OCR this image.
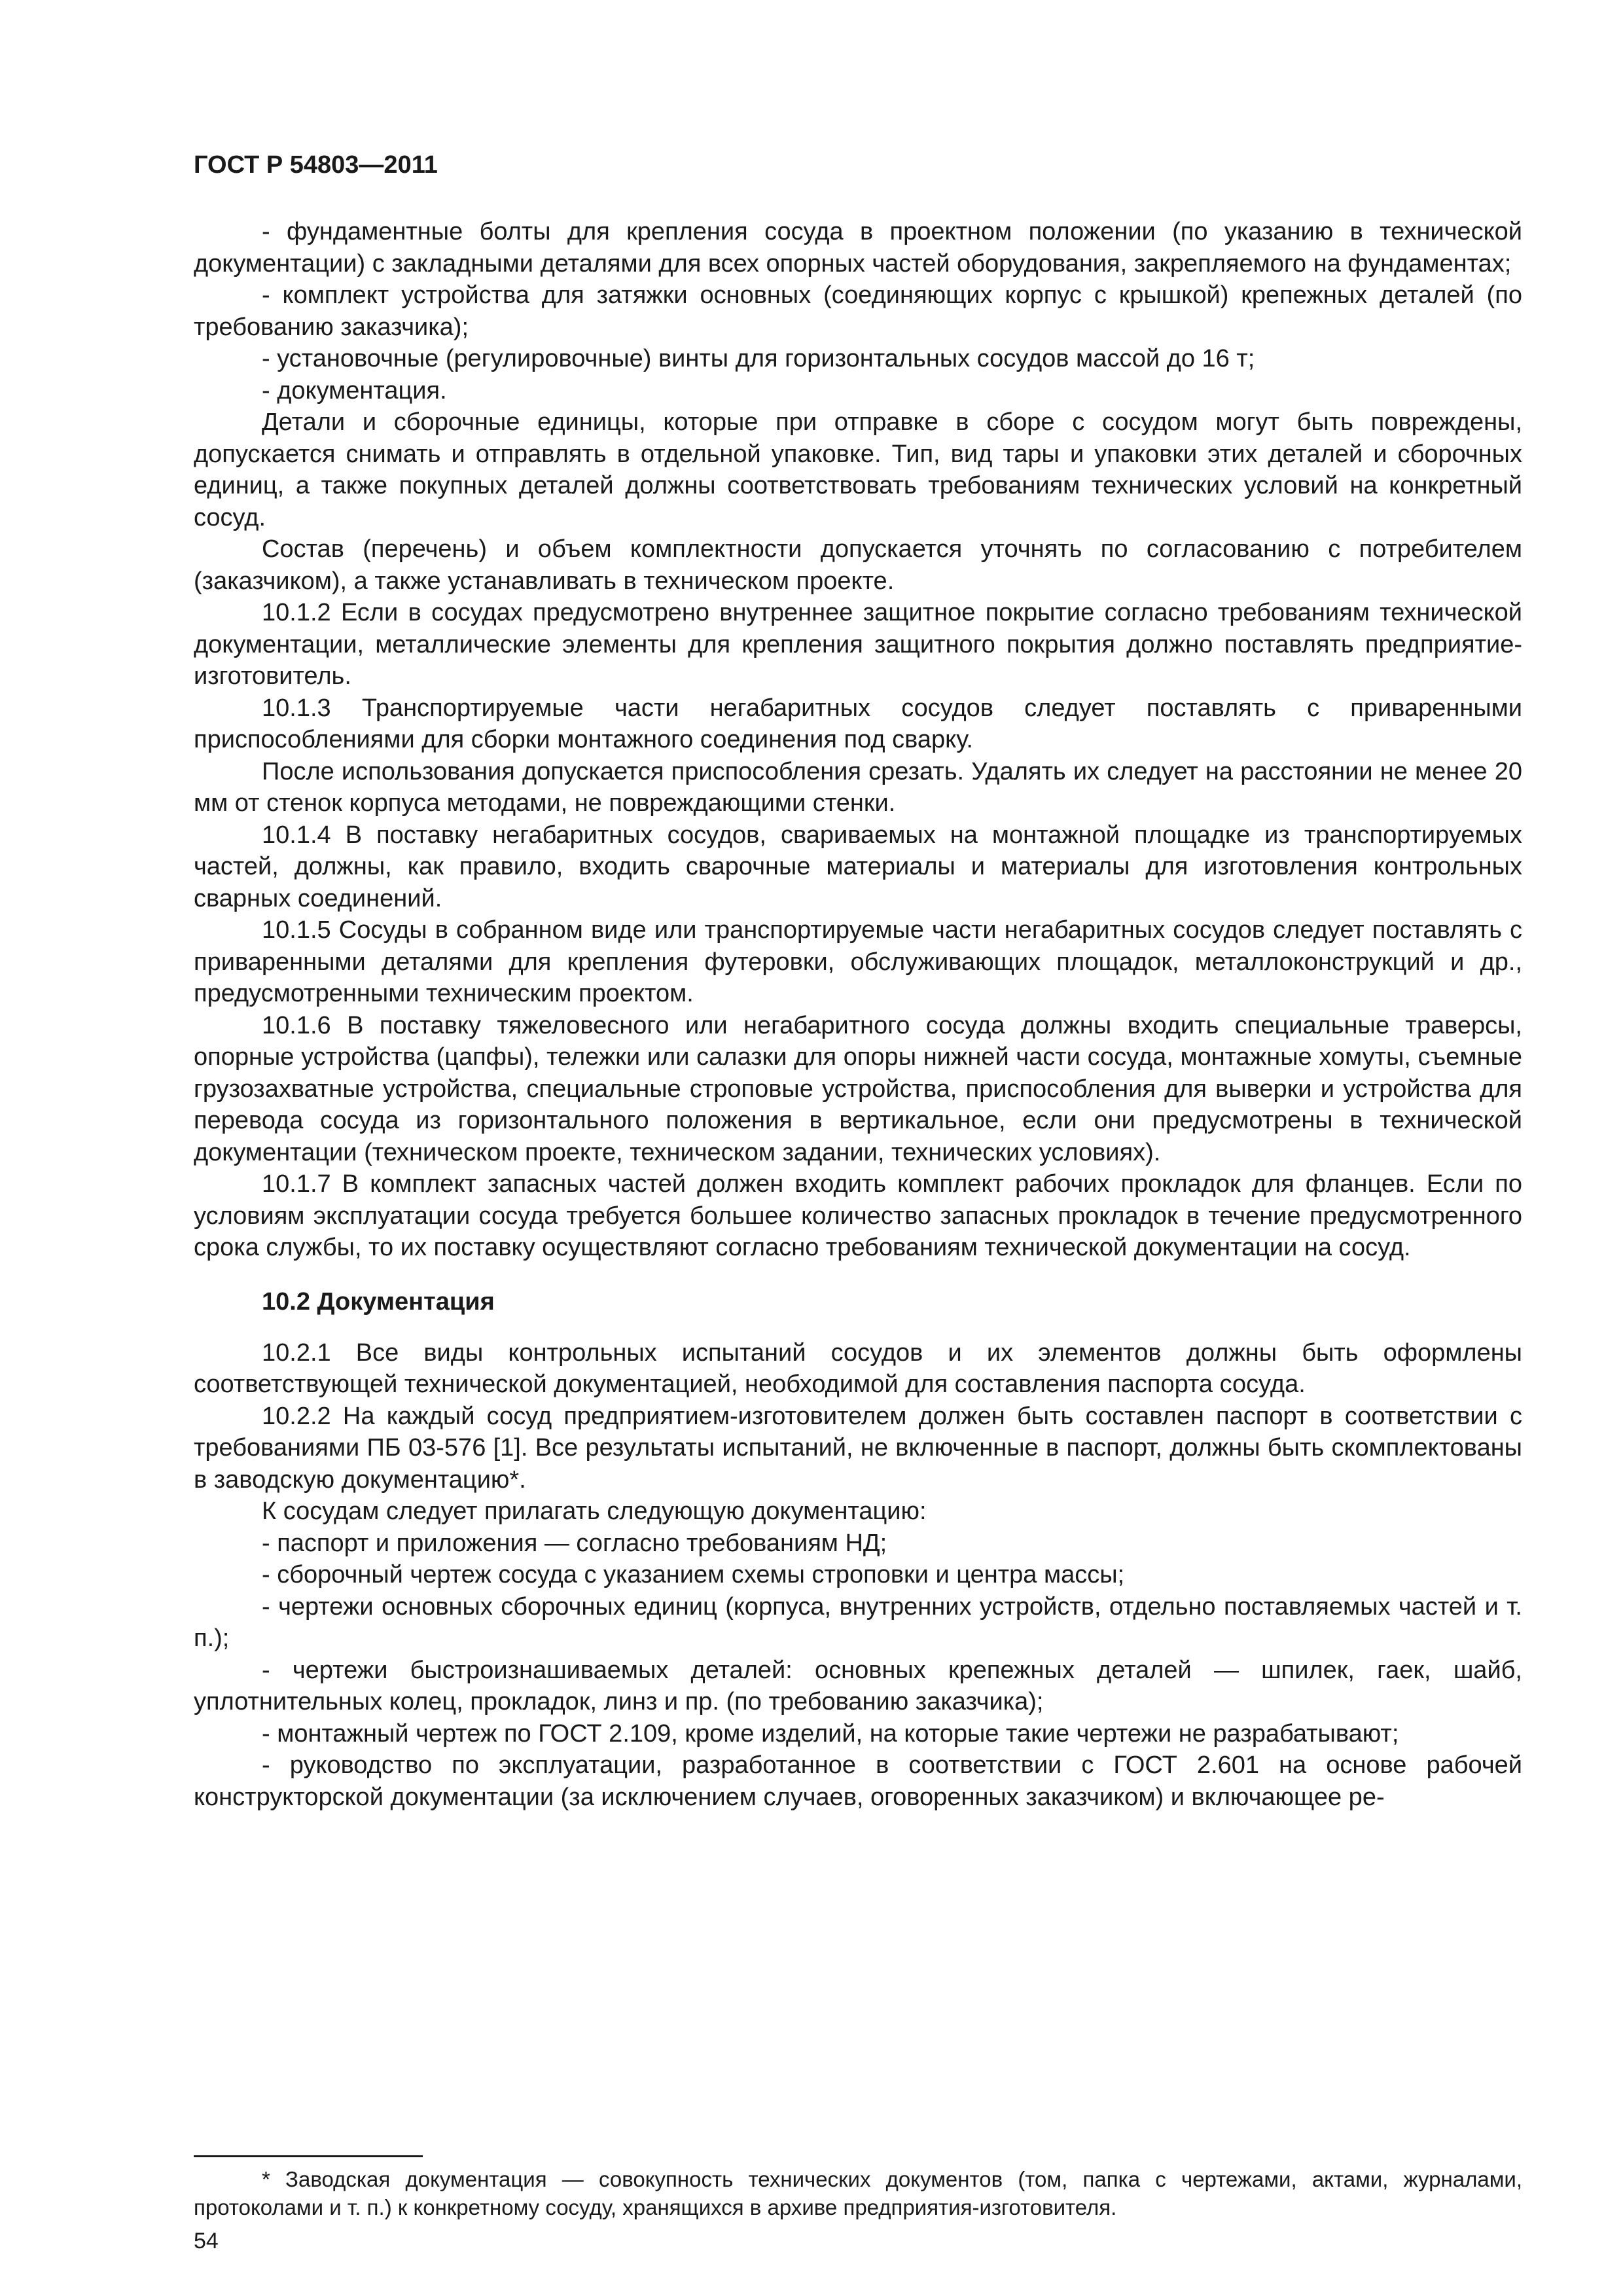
ГОСТ Р 54803—2011

- фундаментные болты для крепления сосуда в проектном положении (по указанию в технической документации) с закладными деталями для всех опорных частей оборудования, закрепляемого на фундаментах;

- комплект устройства для затяжки основных (соединяющих корпус с крышкой) крепежных деталей (по требованию заказчика);

- установочные (регулировочные) винты для горизонтальных сосудов массой до 16 т;

- документация.

Детали и сборочные единицы, которые при отправке в сборе с сосудом могут быть повреждены, допускается снимать и отправлять в отдельной упаковке. Тип, вид тары и упаковки этих деталей и сборочных единиц, а также покупных деталей должны соответствовать требованиям технических условий на конкретный сосуд.

Состав (перечень) и объем комплектности допускается уточнять по согласованию с потребителем (заказчиком), а также устанавливать в техническом проекте.

10.1.2 Если в сосудах предусмотрено внутреннее защитное покрытие согласно требованиям технической документации, металлические элементы для крепления защитного покрытия должно поставлять предприятие-изготовитель.

10.1.3 Транспортируемые части негабаритных сосудов следует поставлять с приваренными приспособлениями для сборки монтажного соединения под сварку.

После использования допускается приспособления срезать. Удалять их следует на расстоянии не менее 20 мм от стенок корпуса методами, не повреждающими стенки.

10.1.4 В поставку негабаритных сосудов, свариваемых на монтажной площадке из транспортируемых частей, должны, как правило, входить сварочные материалы и материалы для изготовления контрольных сварных соединений.

10.1.5 Сосуды в собранном виде или транспортируемые части негабаритных сосудов следует поставлять с приваренными деталями для крепления футеровки, обслуживающих площадок, металлоконструкций и др., предусмотренными техническим проектом.

10.1.6 В поставку тяжеловесного или негабаритного сосуда должны входить специальные траверсы, опорные устройства (цапфы), тележки или салазки для опоры нижней части сосуда, монтажные хомуты, съемные грузозахватные устройства, специальные строповые устройства, приспособления для выверки и устройства для перевода сосуда из горизонтального положения в вертикальное, если они предусмотрены в технической документации (техническом проекте, техническом задании, технических условиях).

10.1.7 В комплект запасных частей должен входить комплект рабочих прокладок для фланцев. Если по условиям эксплуатации сосуда требуется большее количество запасных прокладок в течение предусмотренного срока службы, то их поставку осуществляют согласно требованиям технической документации на сосуд.

10.2 Документация

10.2.1 Все виды контрольных испытаний сосудов и их элементов должны быть оформлены соответствующей технической документацией, необходимой для составления паспорта сосуда.

10.2.2 На каждый сосуд предприятием-изготовителем должен быть составлен паспорт в соответствии с требованиями ПБ 03-576 [1]. Все результаты испытаний, не включенные в паспорт, должны быть скомплектованы в заводскую документацию*.

К сосудам следует прилагать следующую документацию:

- паспорт и приложения — согласно требованиям НД;

- сборочный чертеж сосуда с указанием схемы строповки и центра массы;

- чертежи основных сборочных единиц (корпуса, внутренних устройств, отдельно поставляемых частей и т. п.);

- чертежи быстроизнашиваемых деталей: основных крепежных деталей — шпилек, гаек, шайб, уплотнительных колец, прокладок, линз и пр. (по требованию заказчика);

- монтажный чертеж по ГОСТ 2.109, кроме изделий, на которые такие чертежи не разрабатывают;

- руководство по эксплуатации, разработанное в соответствии с ГОСТ 2.601 на основе рабочей конструкторской документации (за исключением случаев, оговоренных заказчиком) и включающее ре-

* Заводская документация — совокупность технических документов (том, папка с чертежами, актами, журналами, протоколами и т. п.) к конкретному сосуду, хранящихся в архиве предприятия-изготовителя.

54
